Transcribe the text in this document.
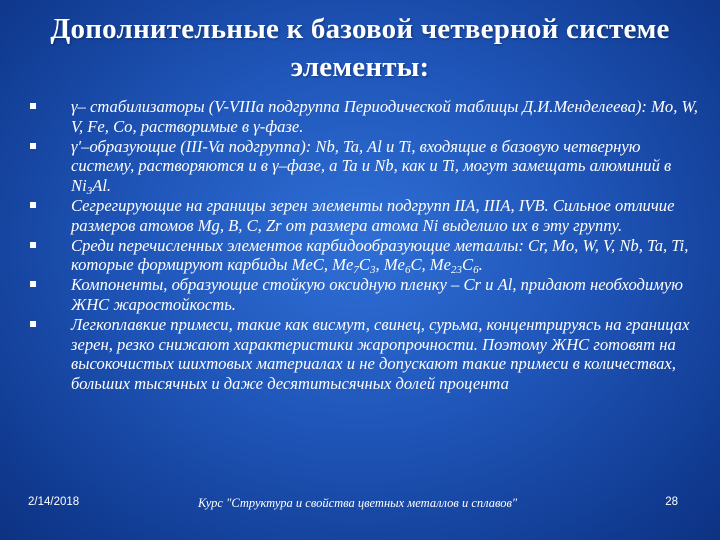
Дополнительные к базовой четверной системе
элементы:
γ– стабилизаторы (V-VIIIa подгруппа Периодической таблицы Д.И.Менделеева): Mo, W, V, Fe, Co, растворимые в γ-фазе.
γ′–образующие (III-Va подгруппа): Nb, Ta, Al и Ti, входящие в базовую четверную систему, растворяются и в γ–фазе, а Ta и Nb, как и Ti, могут замещать алюминий в $Ni_3Al$.
Сегрегирующие на границы зерен элементы подгрупп IIA, IIIA, IVB. Сильное отличие размеров атомов Mg, B, C, Zr от размера атома Ni выделило их в эту группу.
Среди перечисленных элементов карбидообразующие металлы: Cr, Mo, W, V, Nb, Ta, Ti, которые формируют карбиды MeC, $Me_7C_3$, $Me_6C$, $Me_{23}C_6$.
Компоненты, образующие стойкую оксидную пленку – Cr и Al, придают необходимую ЖНС жаростойкость.
Легкоплавкие примеси, такие как висмут, свинец, сурьма, концентрируясь на границах зерен, резко снижают характеристики жаропрочности. Поэтому ЖНС готовят на высокочистых шихтовых материалах и не допускают такие примеси в количествах, больших тысячных и даже десятитысячных долей процента
2/14/2018	Курс "Структура и свойства цветных металлов и сплавов"	28
